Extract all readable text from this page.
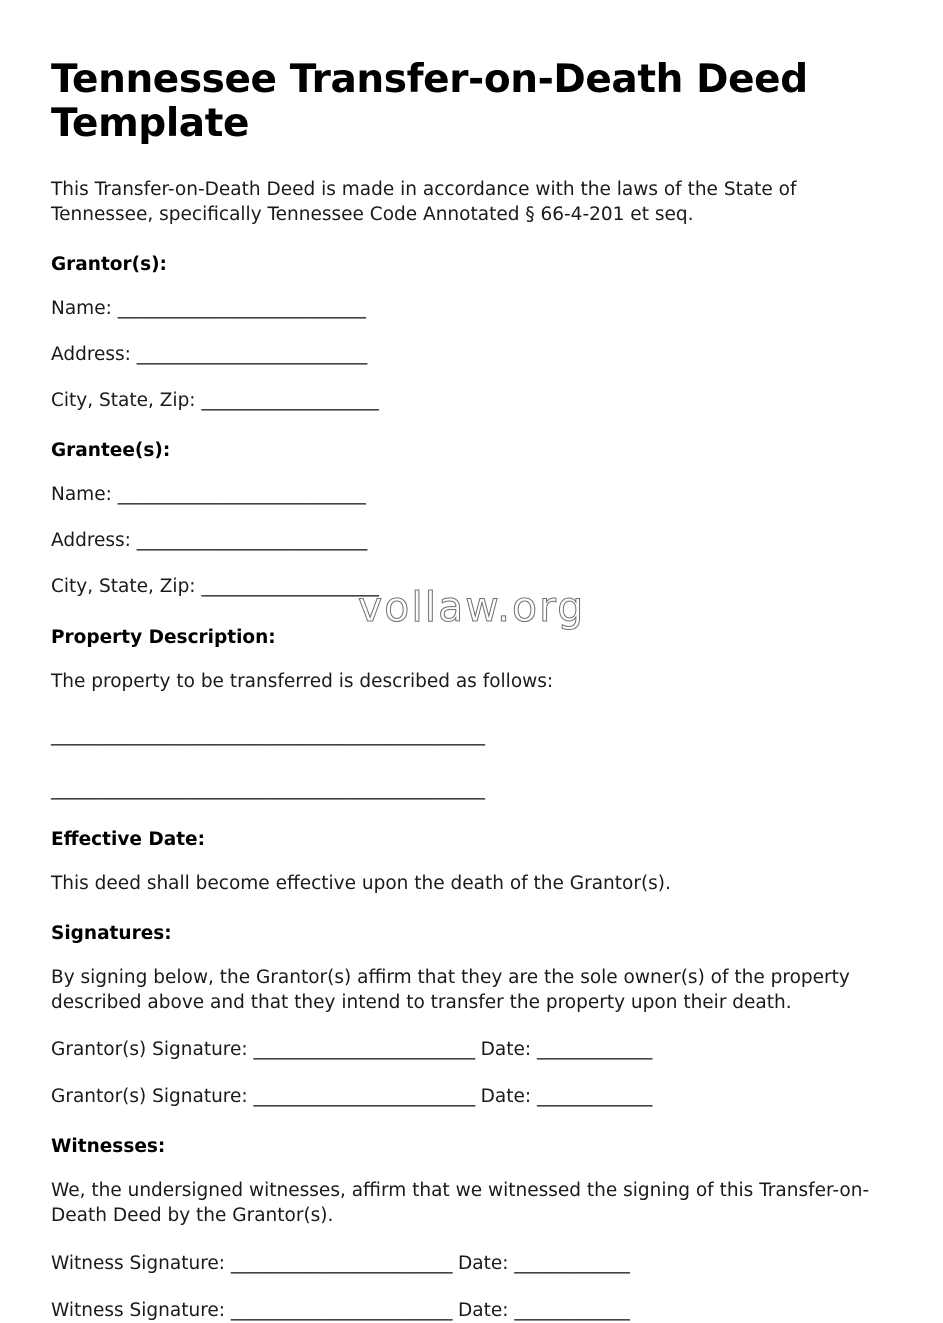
Tennessee Transfer-on-Death Deed Template

This Transfer-on-Death Deed is made in accordance with the laws of the State of Tennessee, specifically Tennessee Code Annotated § 66-4-201 et seq.

Grantor(s):
Name: ____________________________
Address: __________________________
City, State, Zip: ____________________
Grantee(s):
Name: ____________________________
Address: __________________________
City, State, Zip: ____________________
Property Description:

The property to be transferred is described as follows:

_________________________________________________
_________________________________________________
Effective Date:

This deed shall become effective upon the death of the Grantor(s).

Signatures:

By signing below, the Grantor(s) affirm that they are the sole owner(s) of the property described above and that they intend to transfer the property upon their death.

Grantor(s) Signature: _________________________ Date: _____________
Grantor(s) Signature: _________________________ Date: _____________
Witnesses:

We, the undersigned witnesses, affirm that we witnessed the signing of this Transfer-on-Death Deed by the Grantor(s).

Witness Signature: _________________________ Date: _____________
Witness Signature: _________________________ Date: _____________
vollaw.org
